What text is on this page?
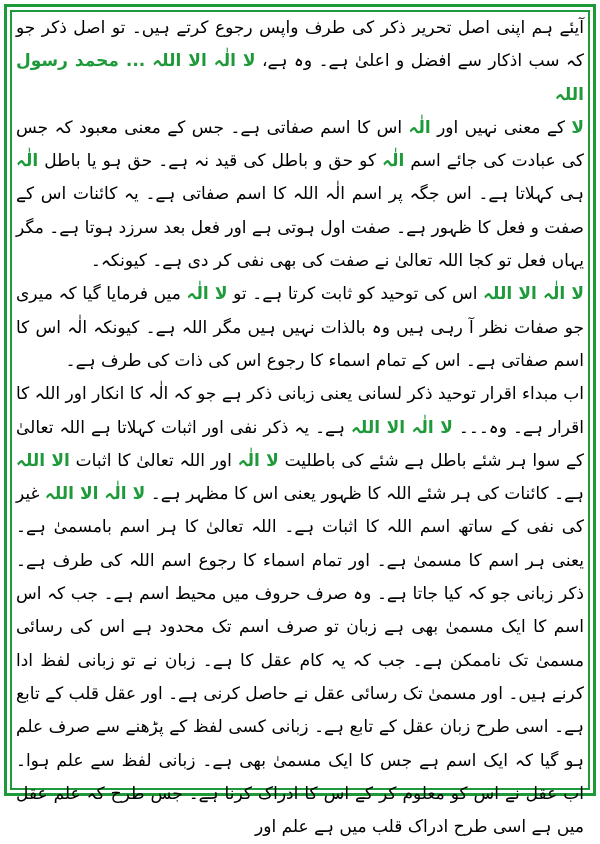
آیئے ہم اپنی اصل تحریر ذکر کی طرف واپس رجوع کرتے ہیں۔ تو اصل ذکر جو کہ سب اذکار سے افضل و اعلیٰ ہے۔ وہ ہے، لا الٰہ الا اللہ ... محمد رسول اللہ

لا کے معنی نہیں اور الٰہ اس کا اسم صفاتی ہے۔ جس کے معنی معبود کہ جس کی عبادت کی جائے اسم الٰہ کو حق و باطل کی قید نہ ہے۔ حق ہو یا باطل الٰہ ہی کہلاتا ہے۔ اس جگہ پر اسم الٰہ اللہ کا اسم صفاتی ہے۔ یہ کائنات اس کے صفت و فعل کا ظہور ہے۔ صفت اول ہوتی ہے اور فعل بعد سرزد ہوتا ہے۔ مگر یہاں فعل تو کجا اللہ تعالیٰ نے صفت کی بھی نفی کر دی ہے۔ کیونکہ۔

لا الٰہ الا اللہ اس کی توحید کو ثابت کرتا ہے۔ تو لا الٰہ میں فرمایا گیا کہ میری جو صفات نظر آ رہی ہیں وہ بالذات نہیں ہیں مگر اللہ ہے۔ کیونکہ الٰہ اس کا اسم صفاتی ہے۔ اس کے تمام اسماء کا رجوع اس کی ذات کی طرف ہے۔

اب مبداء اقرار توحید ذکر لسانی یعنی زبانی ذکر ہے جو کہ الٰہ کا انکار اور اللہ کا اقرار ہے۔ وہ۔۔۔ لا الٰہ الا اللہ ہے۔ یہ ذکر نفی اور اثبات کہلاتا ہے اللہ تعالیٰ کے سوا ہر شئے باطل ہے شئے کی باطلیت لا الٰہ اور اللہ تعالیٰ کا اثبات الا اللہ ہے۔ کائنات کی ہر شئے اللہ کا ظہور یعنی اس کا مظہر ہے۔ لا الٰہ الا اللہ غیر کی نفی کے ساتھ اسم اللہ کا اثبات ہے۔ اللہ تعالیٰ کا ہر اسم بامسمیٰ ہے۔ یعنی ہر اسم کا مسمیٰ ہے۔ اور تمام اسماء کا رجوع اسم اللہ کی طرف ہے۔ ذکر زبانی جو کہ کیا جاتا ہے۔ وہ صرف حروف میں محیط اسم ہے۔ جب کہ اس اسم کا ایک مسمیٰ بھی ہے زبان تو صرف اسم تک محدود ہے اس کی رسائی مسمیٰ تک ناممکن ہے۔ جب کہ یہ کام عقل کا ہے۔ زبان نے تو زبانی لفظ ادا کرنے ہیں۔ اور مسمیٰ تک رسائی عقل نے حاصل کرنی ہے۔ اور عقل قلب کے تابع ہے۔ اسی طرح زبان عقل کے تابع ہے۔ زبانی کسی لفظ کے پڑھنے سے صرف علم ہو گیا کہ ایک اسم ہے جس کا ایک مسمیٰ بھی ہے۔ زبانی لفظ سے علم ہوا۔ اب عقل نے اس کو معلوم کر کے اس کا ادراک کرنا ہے۔ جس طرح کہ علم عقل میں ہے اسی طرح ادراک قلب میں ہے علم اور
